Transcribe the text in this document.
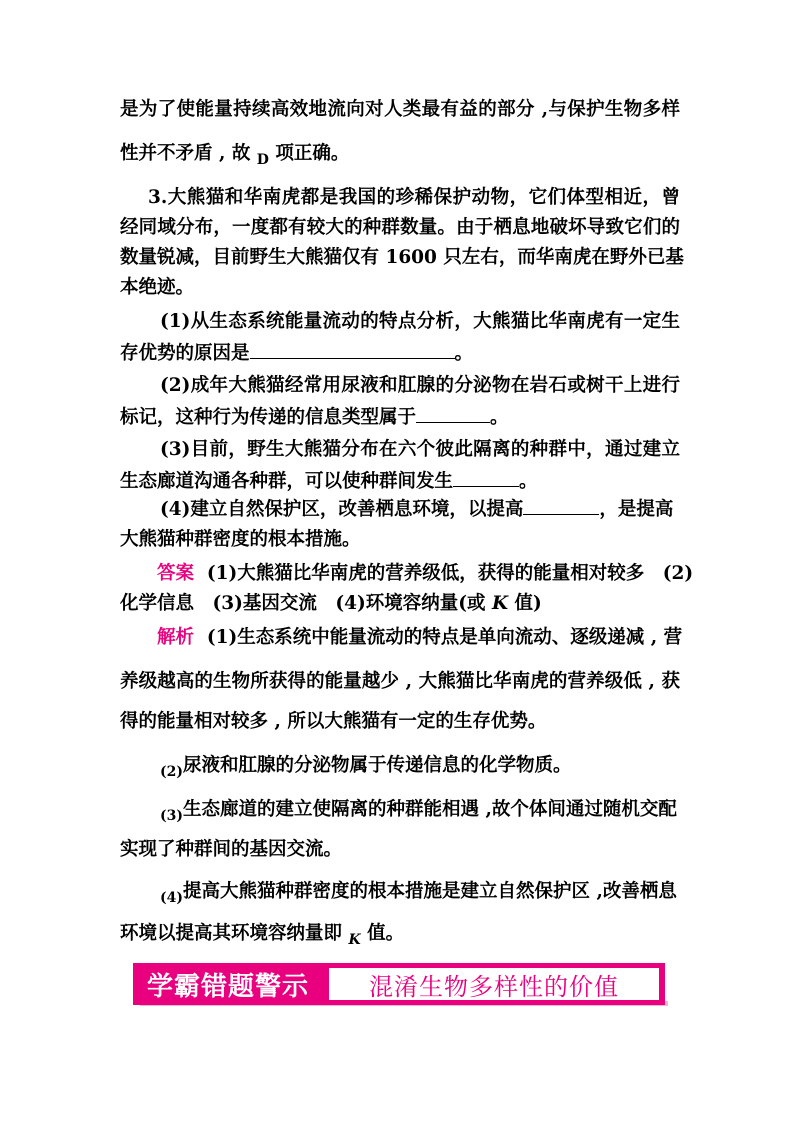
是为了使能量持续高效地流向对人类最有益的部分 ,与保护生物多样
性并不矛盾 , 故 $_D$ 项正确。
3.大熊猫和华南虎都是我国的珍稀保护动物，它们体型相近，曾
经同域分布，一度都有较大的种群数量。由于栖息地破坏导致它们的
数量锐减，目前野生大熊猫仅有 1600 只左右，而华南虎在野外已基
本绝迹。
(1)从生态系统能量流动的特点分析，大熊猫比华南虎有一定生
存优势的原因是	。
(2)成年大熊猫经常用尿液和肛腺的分泌物在岩石或树干上进行
标记，这种行为传递的信息类型属于	。
(3)目前，野生大熊猫分布在六个彼此隔离的种群中，通过建立
生态廊道沟通各种群，可以使种群间发生	。
(4)建立自然保护区，改善栖息环境，以提高	，是提高
大熊猫种群密度的根本措施。
答案 (1)大熊猫比华南虎的营养级低，获得的能量相对较多　(2)
化学信息　(3)基因交流　(4)环境容纳量(或 K 值)
解析 (1)生态系统中能量流动的特点是单向流动、逐级递减 , 营
养级越高的生物所获得的能量越少 , 大熊猫比华南虎的营养级低 , 获
得的能量相对较多 , 所以大熊猫有一定的生存优势。
$_{(2)}$尿液和肛腺的分泌物属于传递信息的化学物质。
$_{(3)}$生态廊道的建立使隔离的种群能相遇 ,故个体间通过随机交配
实现了种群间的基因交流。
$_{(4)}$提高大熊猫种群密度的根本措施是建立自然保护区 ,改善栖息
环境以提高其环境容纳量即 $_K$ 值。
学霸错题警示	混淆生物多样性的价值
